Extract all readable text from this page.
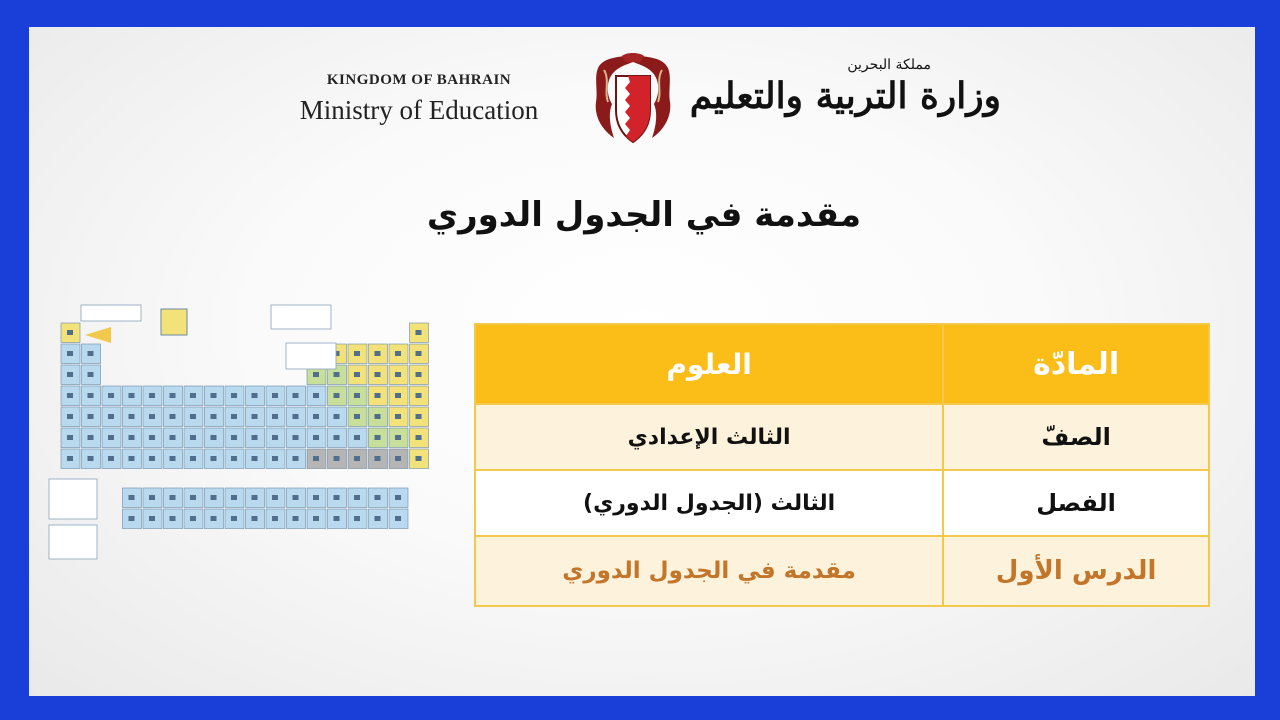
KINGDOM OF BAHRAIN
Ministry of Education
مملكة البحرين
وزارة التربية والتعليم
مقدمة في الجدول الدوري
المادّة	العلوم
الصفّ	الثالث الإعدادي
الفصل	الثالث (الجدول الدوري)
الدرس الأول	مقدمة في الجدول الدوري
